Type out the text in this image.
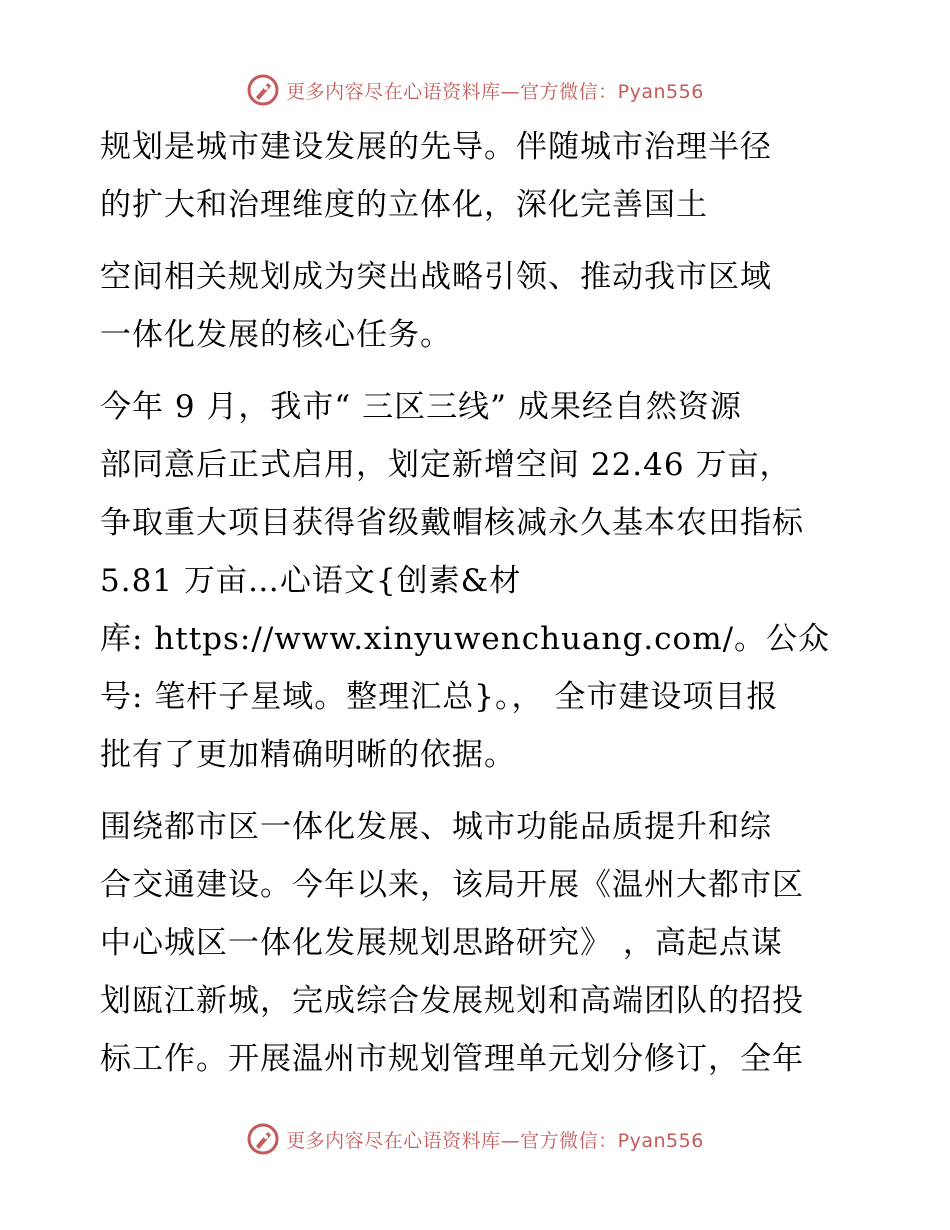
更多内容尽在心语资料库—官方微信：Pyan556
规划是城市建设发展的先导。伴随城市治理半径
的扩大和治理维度的立体化，深化完善国土
空间相关规划成为突出战略引领、推动我市区域
一体化发展的核心任务。
今年 9 月，我市“ 三区三线” 成果经自然资源
部同意后正式启用，划定新增空间 22.46 万亩，
争取重大项目获得省级戴帽核减永久基本农田指标
5.81 万亩…心语文{创素&材
库: https://www.xinyuwenchuang.com/。公众
号: 笔杆子星域。整理汇总}。， 全市建设项目报
批有了更加精确明晰的依据。
围绕都市区一体化发展、城市功能品质提升和综
合交通建设。今年以来，该局开展《温州大都市区
中心城区一体化发展规划思路研究》 ，高起点谋
划瓯江新城，完成综合发展规划和高端团队的招投
标工作。开展温州市规划管理单元划分修订，全年
更多内容尽在心语资料库—官方微信：Pyan556
